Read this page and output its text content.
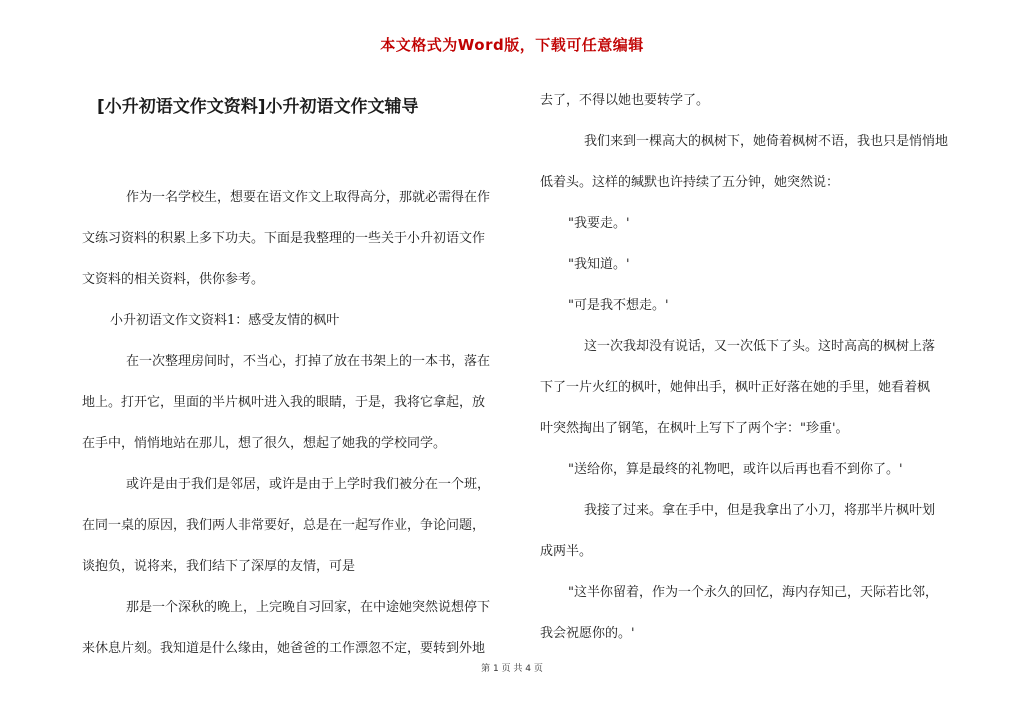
本文格式为Word版，下载可任意编辑
[小升初语文作文资料]小升初语文作文辅导

作为一名学校生，想要在语文作文上取得高分，那就必需得在作

文练习资料的积累上多下功夫。下面是我整理的一些关于小升初语文作

文资料的相关资料，供你参考。

小升初语文作文资料1：感受友情的枫叶

在一次整理房间时，不当心，打掉了放在书架上的一本书，落在

地上。打开它，里面的半片枫叶进入我的眼睛，于是，我将它拿起，放

在手中，悄悄地站在那儿，想了很久，想起了她我的学校同学。

或许是由于我们是邻居，或许是由于上学时我们被分在一个班，

在同一桌的原因，我们两人非常要好，总是在一起写作业，争论问题，

谈抱负，说将来，我们结下了深厚的友情，可是

那是一个深秋的晚上，上完晚自习回家，在中途她突然说想停下

来休息片刻。我知道是什么缘由，她爸爸的工作漂忽不定，要转到外地

去了，不得以她也要转学了。

我们来到一棵高大的枫树下，她倚着枫树不语，我也只是悄悄地

低着头。这样的缄默也许持续了五分钟，她突然说：

"我要走。'

"我知道。'

"可是我不想走。'

这一次我却没有说话，又一次低下了头。这时高高的枫树上落

下了一片火红的枫叶，她伸出手，枫叶正好落在她的手里，她看着枫

叶突然掏出了钢笔，在枫叶上写下了两个字："珍重'。

"送给你，算是最终的礼物吧，或许以后再也看不到你了。'

我接了过来。拿在手中，但是我拿出了小刀，将那半片枫叶划

成两半。

"这半你留着，作为一个永久的回忆，海内存知己，天际若比邻，

我会祝愿你的。'

第 1 页 共 4 页
